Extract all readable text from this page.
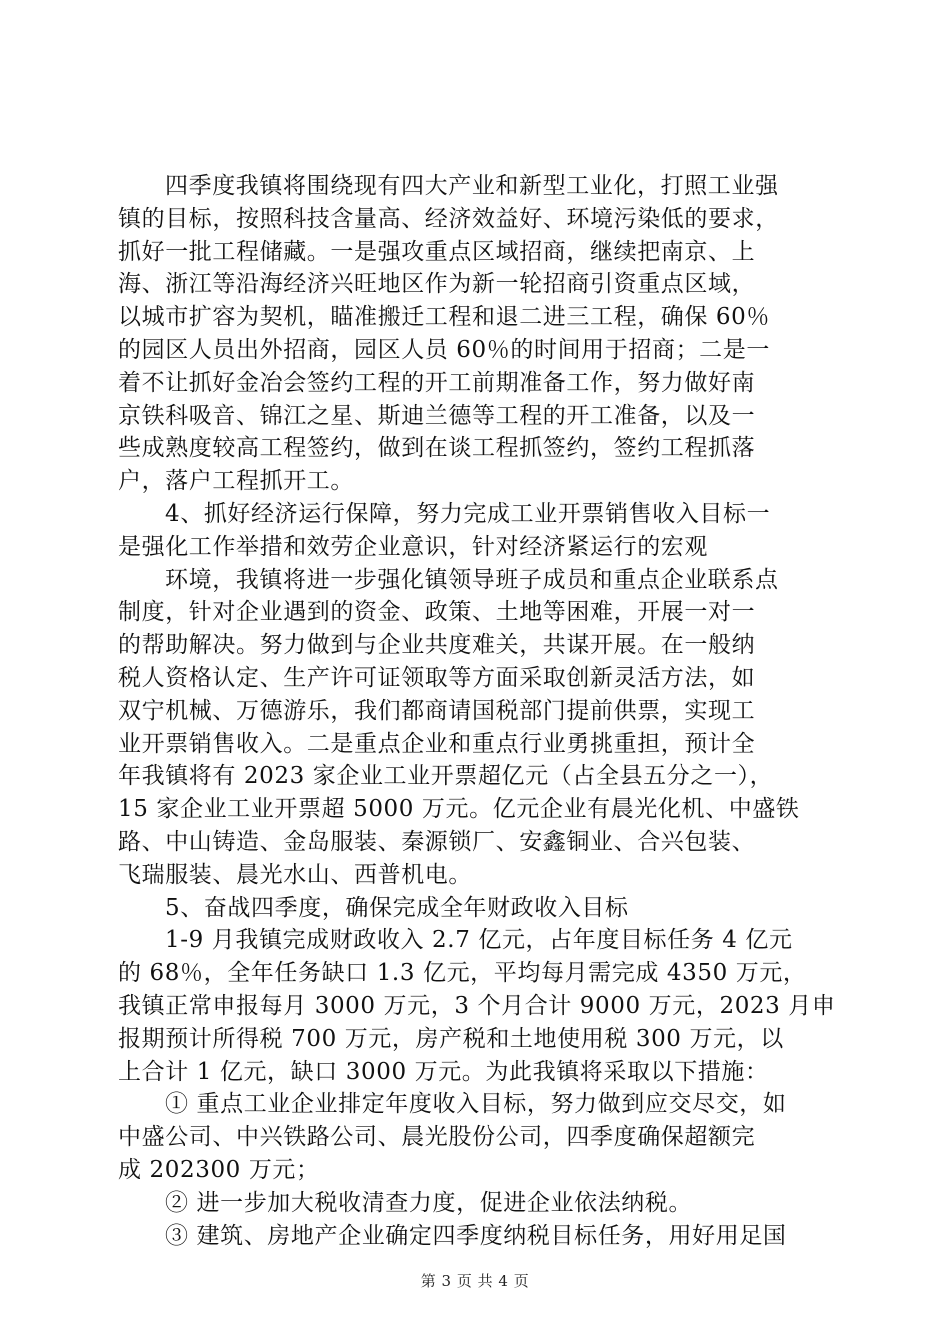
四季度我镇将围绕现有四大产业和新型工业化，打照工业强
镇的目标，按照科技含量高、经济效益好、环境污染低的要求，
抓好一批工程储藏。一是强攻重点区域招商，继续把南京、上
海、浙江等沿海经济兴旺地区作为新一轮招商引资重点区域，
以城市扩容为契机，瞄准搬迁工程和退二进三工程，确保 60％
的园区人员出外招商，园区人员 60％的时间用于招商；二是一
着不让抓好金冶会签约工程的开工前期准备工作，努力做好南
京铁科吸音、锦江之星、斯迪兰德等工程的开工准备，以及一
些成熟度较高工程签约，做到在谈工程抓签约，签约工程抓落
户，落户工程抓开工。
4、抓好经济运行保障，努力完成工业开票销售收入目标一
是强化工作举措和效劳企业意识，针对经济紧运行的宏观
环境，我镇将进一步强化镇领导班子成员和重点企业联系点
制度，针对企业遇到的资金、政策、土地等困难，开展一对一
的帮助解决。努力做到与企业共度难关，共谋开展。在一般纳
税人资格认定、生产许可证领取等方面采取创新灵活方法，如
双宁机械、万德游乐，我们都商请国税部门提前供票，实现工
业开票销售收入。二是重点企业和重点行业勇挑重担，预计全
年我镇将有 2023 家企业工业开票超亿元（占全县五分之一），
15 家企业工业开票超 5000 万元。亿元企业有晨光化机、中盛铁
路、中山铸造、金岛服装、秦源锁厂、安鑫铜业、合兴包装、
飞瑞服装、晨光水山、西普机电。
5、奋战四季度，确保完成全年财政收入目标
1-9 月我镇完成财政收入 2.7 亿元，占年度目标任务 4 亿元
的 68％，全年任务缺口 1.3 亿元，平均每月需完成 4350 万元，
我镇正常申报每月 3000 万元，3 个月合计 9000 万元，2023 月申
报期预计所得税 700 万元，房产税和土地使用税 300 万元，以
上合计 1 亿元，缺口 3000 万元。为此我镇将采取以下措施：
① 重点工业企业排定年度收入目标，努力做到应交尽交，如
中盛公司、中兴铁路公司、晨光股份公司，四季度确保超额完
成 202300 万元；
② 进一步加大税收清查力度，促进企业依法纳税。
③ 建筑、房地产企业确定四季度纳税目标任务，用好用足国
第 3 页 共 4 页
